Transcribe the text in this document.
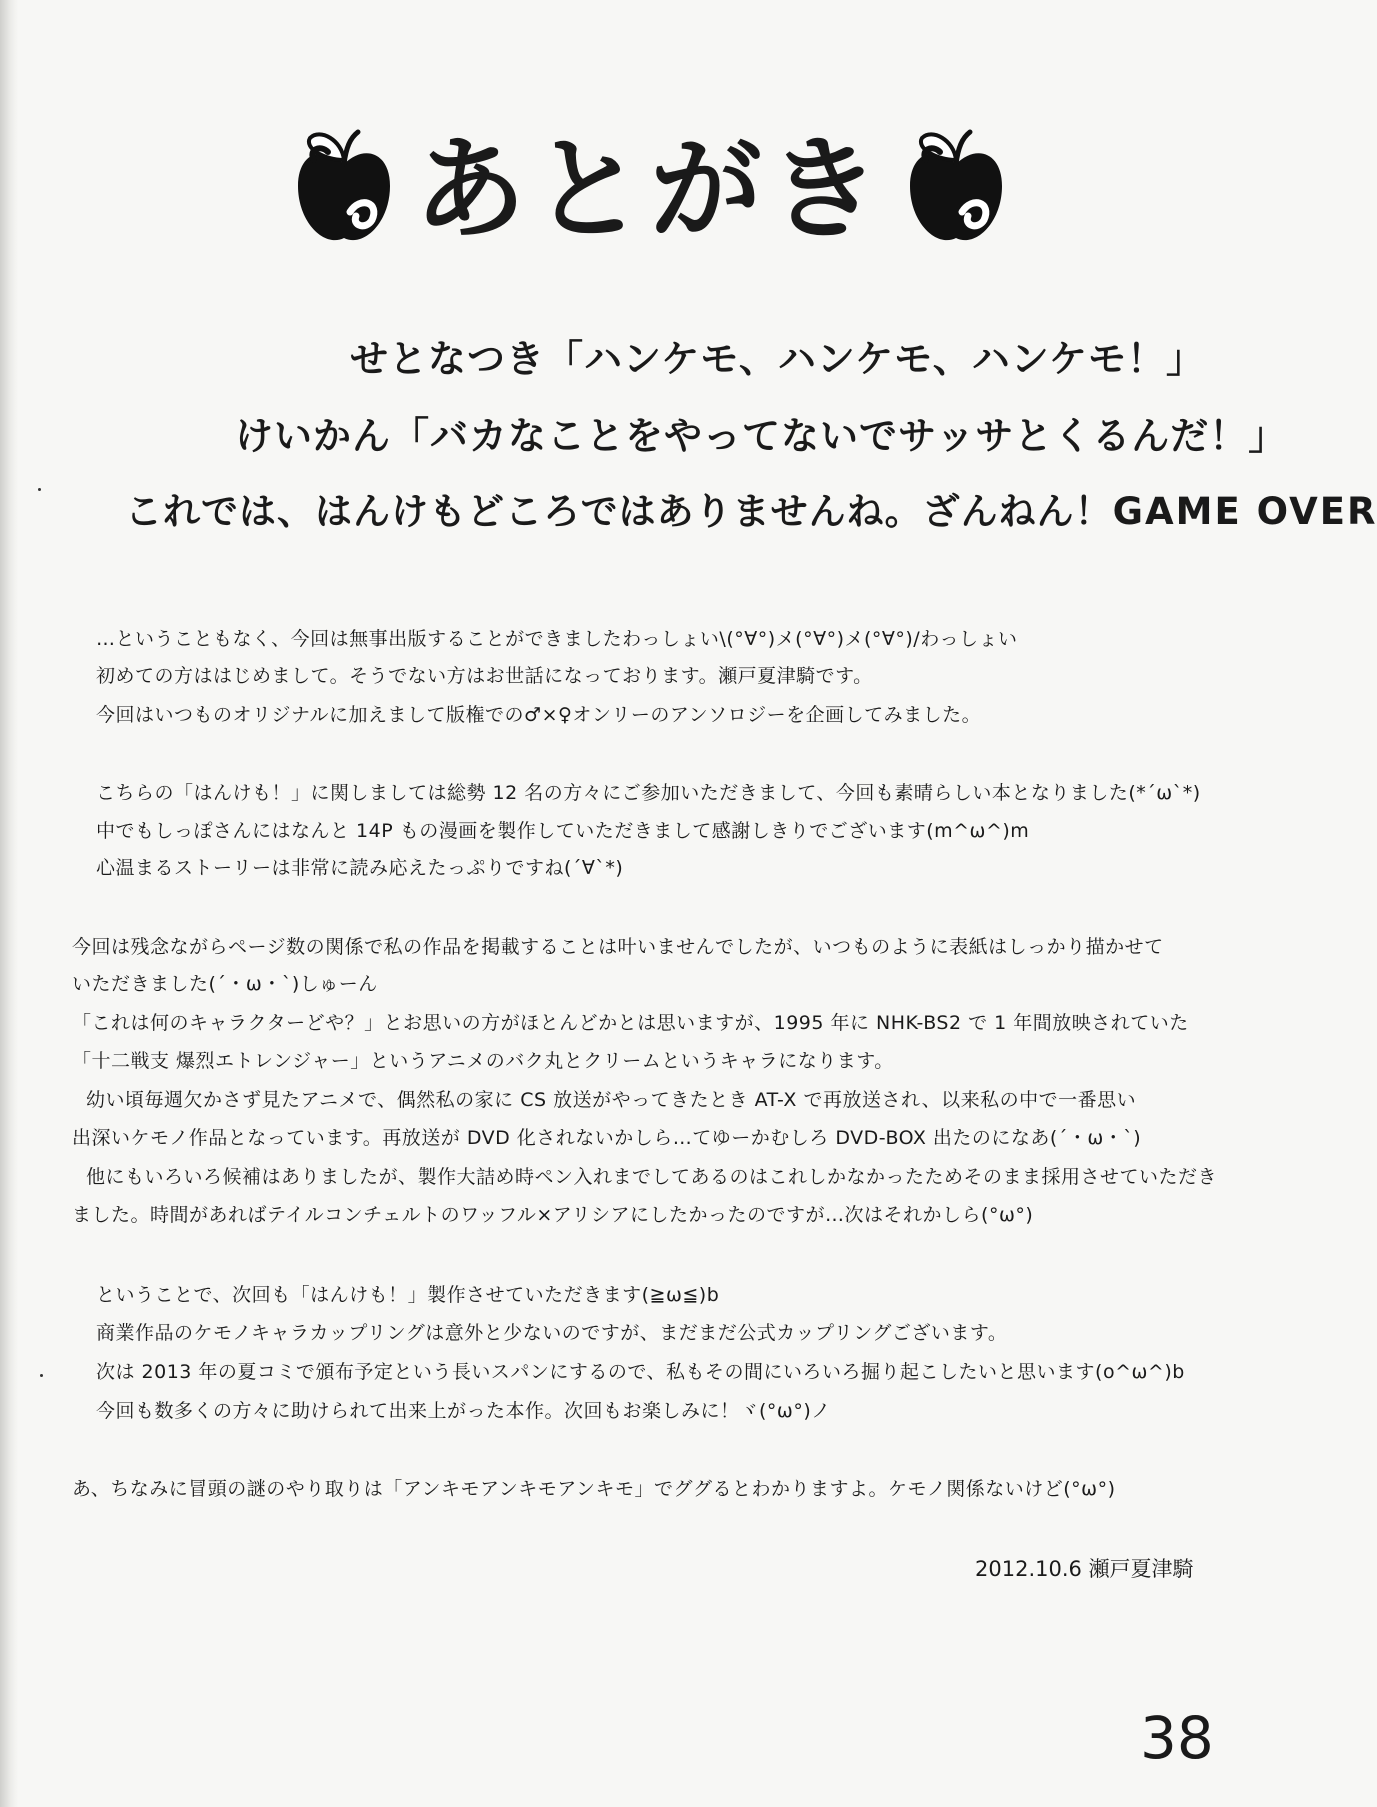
あとがき
せとなつき「ハンケモ、ハンケモ、ハンケモ！」
けいかん「バカなことをやってないでサッサとくるんだ！」
これでは、はんけもどころではありませんね。ざんねん！GAME OVER
…ということもなく、今回は無事出版することができましたわっしょい\(°∀°)メ(°∀°)メ(°∀°)/わっしょい
初めての方ははじめまして。そうでない方はお世話になっております。瀬戸夏津騎です。
今回はいつものオリジナルに加えまして版権での♂×♀オンリーのアンソロジーを企画してみました。
こちらの「はんけも！」に関しましては総勢 12 名の方々にご参加いただきまして、今回も素晴らしい本となりました(*´ω`*)
中でもしっぽさんにはなんと 14P もの漫画を製作していただきまして感謝しきりでございます(m^ω^)m
心温まるストーリーは非常に読み応えたっぷりですね(´∀`*)
今回は残念ながらページ数の関係で私の作品を掲載することは叶いませんでしたが、いつものように表紙はしっかり描かせて
いただきました(´・ω・`)しゅーん
「これは何のキャラクターどや？」とお思いの方がほとんどかとは思いますが、1995 年に NHK-BS2 で 1 年間放映されていた
「十二戦支 爆烈エトレンジャー」というアニメのバク丸とクリームというキャラになります。
幼い頃毎週欠かさず見たアニメで、偶然私の家に CS 放送がやってきたとき AT-X で再放送され、以来私の中で一番思い
出深いケモノ作品となっています。再放送が DVD 化されないかしら…てゆーかむしろ DVD-BOX 出たのになあ(´・ω・`)
他にもいろいろ候補はありましたが、製作大詰め時ペン入れまでしてあるのはこれしかなかったためそのまま採用させていただき
ました。時間があればテイルコンチェルトのワッフル×アリシアにしたかったのですが…次はそれかしら(°ω°)
ということで、次回も「はんけも！」製作させていただきます(≧ω≦)b
商業作品のケモノキャラカップリングは意外と少ないのですが、まだまだ公式カップリングございます。
次は 2013 年の夏コミで頒布予定という長いスパンにするので、私もその間にいろいろ掘り起こしたいと思います(o^ω^)b
今回も数多くの方々に助けられて出来上がった本作。次回もお楽しみに！ヾ(°ω°)ノ
あ、ちなみに冒頭の謎のやり取りは「アンキモアンキモアンキモ」でググるとわかりますよ。ケモノ関係ないけど(°ω°)
2012.10.6 瀬戸夏津騎
38
